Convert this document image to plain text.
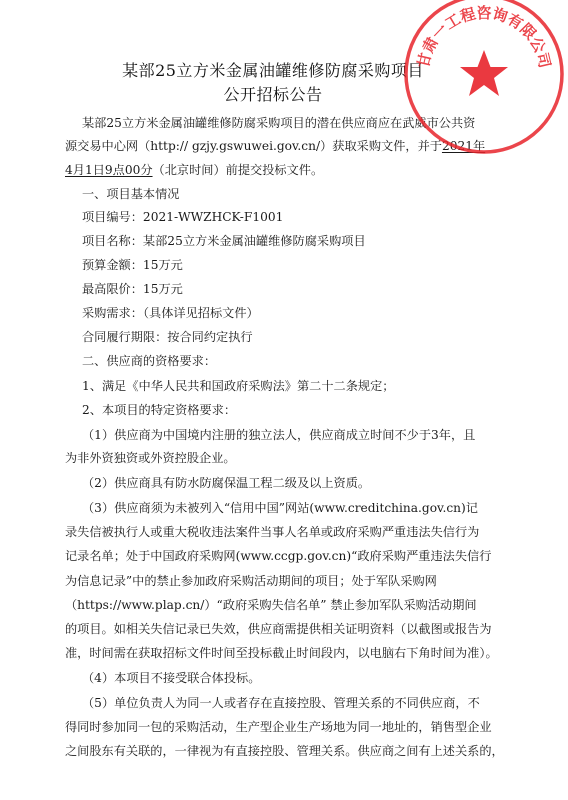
某部25立方米金属油罐维修防腐采购项目
公开招标公告
某部25立方米金属油罐维修防腐采购项目的潜在供应商应在武威市公共资
源交易中心网（http:// gzjy.gswuwei.gov.cn/）获取采购文件，并于2021年
4月1日9点00分（北京时间）前提交投标文件。
一、项目基本情况
项目编号：2021-WWZHCK-F1001
项目名称：某部25立方米金属油罐维修防腐采购项目
预算金额：15万元
最高限价：15万元
采购需求：（具体详见招标文件）
合同履行期限：按合同约定执行
二、供应商的资格要求：
1、满足《中华人民共和国政府采购法》第二十二条规定；
2、本项目的特定资格要求：
（1）供应商为中国境内注册的独立法人，供应商成立时间不少于3年，且
为非外资独资或外资控股企业。
（2）供应商具有防水防腐保温工程二级及以上资质。
（3）供应商须为未被列入“信用中国”网站(www.creditchina.gov.cn)记
录失信被执行人或重大税收违法案件当事人名单或政府采购严重违法失信行为
记录名单；处于中国政府采购网(www.ccgp.gov.cn)“政府采购严重违法失信行
为信息记录”中的禁止参加政府采购活动期间的项目；处于军队采购网
（https://www.plap.cn/）“政府采购失信名单” 禁止参加军队采购活动期间
的项目。如相关失信记录已失效，供应商需提供相关证明资料（以截图或报告为
准，时间需在获取招标文件时间至投标截止时间段内，以电脑右下角时间为准）。
（4）本项目不接受联合体投标。
（5）单位负责人为同一人或者存在直接控股、管理关系的不同供应商，不
得同时参加同一包的采购活动，生产型企业生产场地为同一地址的，销售型企业
之间股东有关联的，一律视为有直接控股、管理关系。供应商之间有上述关系的，
甘肃一工程咨询有限公司
